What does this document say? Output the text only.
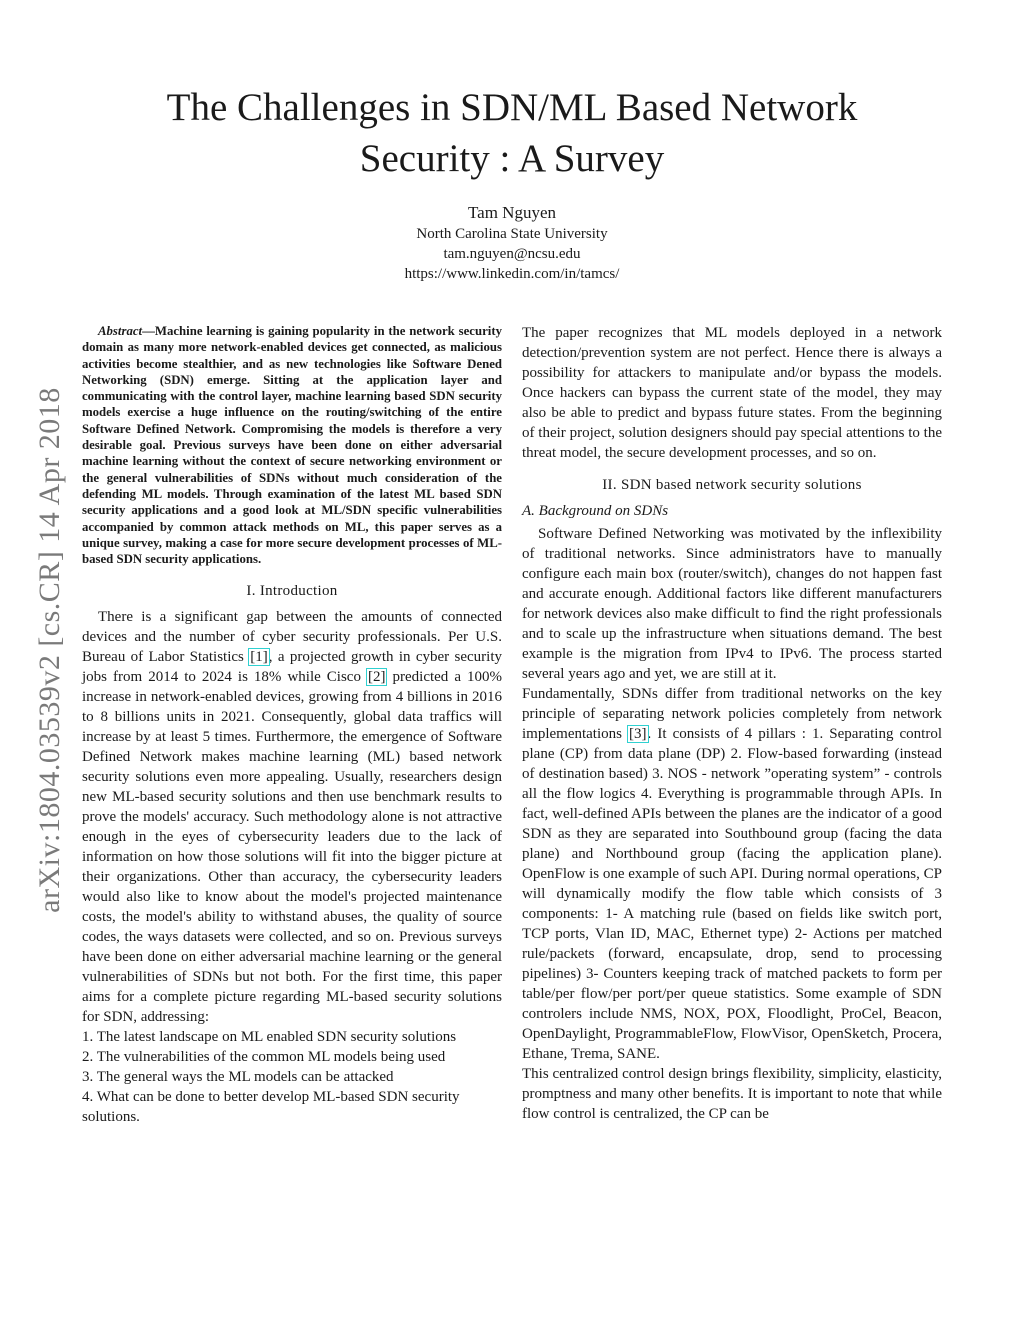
The Challenges in SDN/ML Based Network
Security : A Survey
Tam Nguyen
North Carolina State University
tam.nguyen@ncsu.edu
https://www.linkedin.com/in/tamcs/
arXiv:1804.03539v2 [cs.CR] 14 Apr 2018
Abstract—Machine learning is gaining popularity in the network security domain as many more network-enabled devices get connected, as malicious activities become stealthier, and as new technologies like Software Dened Networking (SDN) emerge. Sitting at the application layer and communicating with the control layer, machine learning based SDN security models exercise a huge influence on the routing/switching of the entire Software Defined Network. Compromising the models is therefore a very desirable goal. Previous surveys have been done on either adversarial machine learning without the context of secure networking environment or the general vulnerabilities of SDNs without much consideration of the defending ML models. Through examination of the latest ML based SDN security applications and a good look at ML/SDN specific vulnerabilities accompanied by common attack methods on ML, this paper serves as a unique survey, making a case for more secure development processes of ML-based SDN security applications.
I. Introduction

There is a significant gap between the amounts of connected devices and the number of cyber security professionals. Per U.S. Bureau of Labor Statistics [1], a projected growth in cyber security jobs from 2014 to 2024 is 18% while Cisco [2] predicted a 100% increase in network-enabled devices, growing from 4 billions in 2016 to 8 billions units in 2021. Consequently, global data traffics will increase by at least 5 times. Furthermore, the emergence of Software Defined Network makes machine learning (ML) based network security solutions even more appealing. Usually, researchers design new ML-based security solutions and then use benchmark results to prove the models' accuracy. Such methodology alone is not attractive enough in the eyes of cybersecurity leaders due to the lack of information on how those solutions will fit into the bigger picture at their organizations. Other than accuracy, the cybersecurity leaders would also like to know about the model's projected maintenance costs, the model's ability to withstand abuses, the quality of source codes, the ways datasets were collected, and so on. Previous surveys have been done on either adversarial machine learning or the general vulnerabilities of SDNs but not both. For the first time, this paper aims for a complete picture regarding ML-based security solutions for SDN, addressing:

1. The latest landscape on ML enabled SDN security solutions

2. The vulnerabilities of the common ML models being used

3. The general ways the ML models can be attacked

4. What can be done to better develop ML-based SDN security solutions.

The paper recognizes that ML models deployed in a network detection/prevention system are not perfect. Hence there is always a possibility for attackers to manipulate and/or bypass the models. Once hackers can bypass the current state of the model, they may also be able to predict and bypass future states. From the beginning of their project, solution designers should pay special attentions to the threat model, the secure development processes, and so on.

II. SDN based network security solutions
A. Background on SDNs

Software Defined Networking was motivated by the inflexibility of traditional networks. Since administrators have to manually configure each main box (router/switch), changes do not happen fast and accurate enough. Additional factors like different manufacturers for network devices also make difficult to find the right professionals and to scale up the infrastructure when situations demand. The best example is the migration from IPv4 to IPv6. The process started several years ago and yet, we are still at it.

Fundamentally, SDNs differ from traditional networks on the key principle of separating network policies completely from network implementations [3]. It consists of 4 pillars : 1. Separating control plane (CP) from data plane (DP) 2. Flow-based forwarding (instead of destination based) 3. NOS - network ”operating system” - controls all the flow logics 4. Everything is programmable through APIs. In fact, well-defined APIs between the planes are the indicator of a good SDN as they are separated into Southbound group (facing the data plane) and Northbound group (facing the application plane). OpenFlow is one example of such API. During normal operations, CP will dynamically modify the flow table which consists of 3 components: 1- A matching rule (based on fields like switch port, TCP ports, Vlan ID, MAC, Ethernet type) 2- Actions per matched rule/packets (forward, encapsulate, drop, send to processing pipelines) 3- Counters keeping track of matched packets to form per table/per flow/per port/per queue statistics. Some example of SDN controlers include NMS, NOX, POX, Floodlight, ProCel, Beacon, OpenDaylight, ProgrammableFlow, FlowVisor, OpenSketch, Procera, Ethane, Trema, SANE.

This centralized control design brings flexibility, simplicity, elasticity, promptness and many other benefits. It is important to note that while flow control is centralized, the CP can be
